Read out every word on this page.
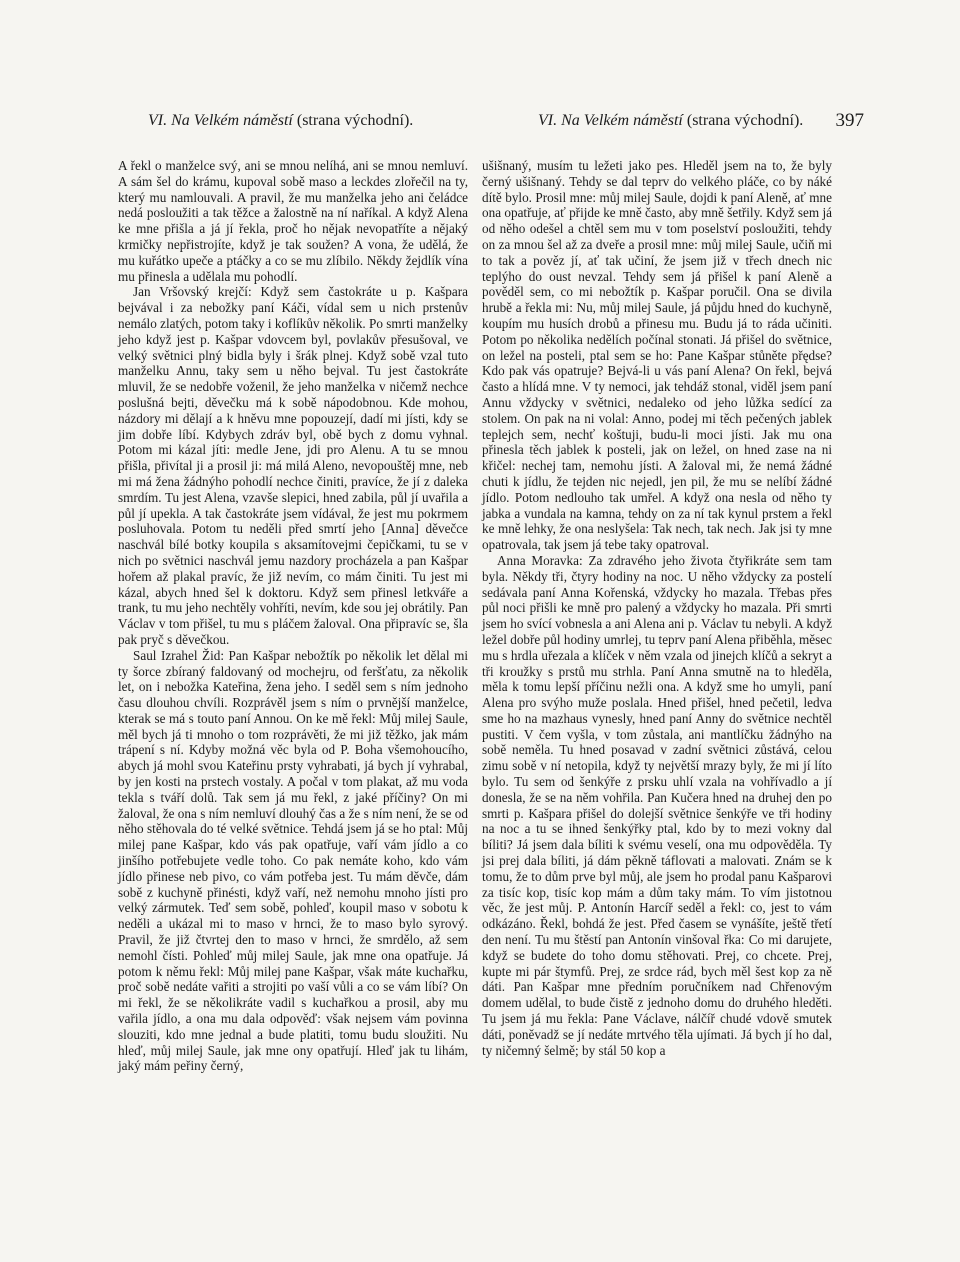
VI. Na Velkém náměstí (strana východní).	VI. Na Velkém náměstí (strana východní). 397

A řekl o manželce svý, ani se mnou nelíhá, ani se mnou nemluví. A sám šel do krámu, kupoval sobě maso a leckdes zlořečil na ty, který mu namlouvali. A pravil, že mu manželka jeho ani čeládce nedá posloužiti a tak těžce a žalostně na ní naříkal. A když Alena ke mne přišla a já jí řekla, proč ho nějak nevopatříte a nějaký krmičky nepřistrojíte, když je tak soužen? A vona, že udělá, že mu kuřátko upeče a ptáčky a co se mu zlíbilo. Někdy žejdlík vína mu přinesla a udělala mu pohodlí.

Jan Vršovský krejčí: Když sem častokráte u p. Kašpara bejvával i za nebožky paní Káči, vídal sem u nich prstenův nemálo zlatých, potom taky i koflíkův několik. Po smrti manželky jeho když jest p. Kašpar vdovcem byl, povlakův přesušoval, ve velký světnici plný bidla byly i šrák plnej. Když sobě vzal tuto manželku Annu, taky sem u něho bejval. Tu jest častokráte mluvil, že se nedobře voženil, že jeho manželka v ničemž nechce poslušná bejti, děvečku má k sobě nápodobnou. Kde mohou, názdory mi dělají a k hněvu mne popouzejí, dadí mi jísti, kdy se jim dobře líbí. Kdybych zdráv byl, obě bych z domu vyhnal. Potom mi kázal jíti: medle Jene, jdi pro Alenu. A tu se mnou přišla, přivítal ji a prosil ji: má milá Aleno, nevopouštěj mne, neb mi má žena žádnýho pohodlí nechce činiti, pravíce, že jí z daleka smrdím. Tu jest Alena, vzavše slepici, hned zabila, půl jí uvařila a půl jí upekla. A tak častokráte jsem vídával, že jest mu pokrmem posluhovala. Potom tu neděli před smrtí jeho [Anna] děvečce naschvál bílé botky koupila s aksamítovejmi čepičkami, tu se v nich po světnici naschvál jemu nazdory procházela a pan Kašpar hořem až plakal pravíc, že již nevím, co mám činiti. Tu jest mi kázal, abych hned šel k doktoru. Když sem přinesl letkváře a trank, tu mu jeho nechtěly vohříti, nevím, kde sou jej obrátily. Pan Václav v tom přišel, tu mu s pláčem žaloval. Ona připravíc se, šla pak pryč s děvečkou.

Saul Izrahel Žid: Pan Kašpar nebožtík po několik let dělal mi ty šorce zbíraný faldovaný od mochejru, od feršťatu, za několik let, on i nebožka Kateřina, žena jeho. I seděl sem s ním jednoho času dlouhou chvíli. Rozprávěl jsem s ním o prvnější manželce, kterak se má s touto paní Annou. On ke mě řekl: Můj milej Saule, měl bych já ti mnoho o tom rozprávěti, že mi již těžko, jak mám trápení s ní. Kdyby možná věc byla od P. Boha všemohoucího, abych já mohl svou Kateřinu prsty vyhrabati, já bych jí vyhrabal, by jen kosti na prstech vostaly. A počal v tom plakat, až mu voda tekla s tváří dolů. Tak sem já mu řekl, z jaké příčiny? On mi žaloval, že ona s ním nemluví dlouhý čas a že s ním není, že se od něho stěhovala do té velké světnice. Tehdá jsem já se ho ptal: Můj milej pane Kašpar, kdo vás pak opatřuje, vaří vám jídlo a co jinšího potřebujete vedle toho. Co pak nemáte koho, kdo vám jídlo přinese neb pivo, co vám potřeba jest. Tu mám děvče, dám sobě z kuchyně přinésti, když vaří, než nemohu mnoho jísti pro velký zármutek. Teď sem sobě, pohleď, koupil maso v sobotu k neděli a ukázal mi to maso v hrnci, že to maso bylo syrový. Pravil, že již čtvrtej den to maso v hrnci, že smrdělo, až sem nemohl čísti. Pohleď můj milej Saule, jak mne ona opatřuje. Já potom k němu řekl: Můj milej pane Kašpar, však máte kuchařku, proč sobě nedáte vařiti a strojiti po vaší vůli a co se vám líbí? On mi řekl, že se několikráte vadil s kuchařkou a prosil, aby mu vařila jídlo, a ona mu dala odpověď: však nejsem vám povinna slouziti, kdo mne jednal a bude platiti, tomu budu sloužiti. Nu hleď, můj milej Saule, jak mne ony opatřují. Hleď jak tu lihám, jaký mám peřiny černý,

ušišnaný, musím tu ležeti jako pes. Hleděl jsem na to, že byly černý ušišnaný. Tehdy se dal teprv do velkého pláče, co by náké dítě bylo. Prosil mne: můj milej Saule, dojdi k paní Aleně, ať mne ona opatřuje, ať přijde ke mně často, aby mně šetřily. Když sem já od něho odešel a chtěl sem mu v tom poselství posloužiti, tehdy on za mnou šel až za dveře a prosil mne: můj milej Saule, učiň mi to tak a pověz jí, ať tak učiní, že jsem již v třech dnech nic teplýho do oust nevzal. Tehdy sem já přišel k paní Aleně a pověděl sem, co mi nebožtík p. Kašpar poručil. Ona se divila hrubě a řekla mi: Nu, můj milej Saule, já půjdu hned do kuchyně, koupím mu husích drobů a přinesu mu. Budu já to ráda učiniti. Potom po několika nedělích počínal stonati. Já přišel do světnice, on ležel na posteli, ptal sem se ho: Pane Kašpar stůněte přędse? Kdo pak vás opatruje? Bejvá-li u vás paní Alena? On řekl, bejvá často a hlídá mne. V ty nemoci, jak tehdáž stonal, viděl jsem paní Annu vždycky v světnici, nedaleko od jeho lůžka sedící za stolem. On pak na ni volal: Anno, podej mi těch pečených jablek teplejch sem, nechť koštuji, budu-li moci jísti. Jak mu ona přinesla těch jablek k posteli, jak on ležel, on hned zase na ni křičel: nechej tam, nemohu jísti. A žaloval mi, že nemá žádné chuti k jídlu, že tejden nic nejedl, jen pil, že mu se nelíbí žádné jídlo. Potom nedlouho tak umřel. A když ona nesla od něho ty jabka a vundala na kamna, tehdy on za ní tak kynul prstem a řekl ke mně lehky, že ona neslyšela: Tak nech, tak nech. Jak jsi ty mne opatrovala, tak jsem já tebe taky opatroval.

Anna Moravka: Za zdravého jeho života čtyřikráte sem tam byla. Někdy tři, čtyry hodiny na noc. U něho vždycky za postelí sedávala paní Anna Kořenská, vždycky ho mazala. Třebas přes půl noci přišli ke mně pro palený a vždycky ho mazala. Při smrti jsem ho svící vobnesla a ani Alena ani p. Václav tu nebyli. A když ležel dobře půl hodiny umrlej, tu teprv paní Alena přiběhla, měsec mu s hrdla uřezala a klíček v něm vzala od jinejch klíčů a sekryt a tři kroužky s prstů mu strhla. Paní Anna smutně na to hleděla, měla k tomu lepší příčinu nežli ona. A když sme ho umyli, paní Alena pro svýho muže poslala. Hned přišel, hned pečetil, ledva sme ho na mazhaus vynesly, hned paní Anny do světnice nechtěl pustiti. V čem vyšla, v tom zůstala, ani mantlíčku žádnýho na sobě neměla. Tu hned posavad v zadní světnici zůstává, celou zimu sobě v ní netopila, když ty největší mrazy byly, že mi jí líto bylo. Tu sem od šenkýře z prsku uhlí vzala na vohřívadlo a jí donesla, že se na něm vohřila. Pan Kučera hned na druhej den po smrti p. Kašpara přišel do dolejší světnice šenkýře ve tři hodiny na noc a tu se ihned šenkýřky ptal, kdo by to mezi vokny dal bíliti? Já jsem dala bíliti k svému veselí, ona mu odpověděla. Ty jsi prej dala bíliti, já dám pěkně táflovati a malovati. Znám se k tomu, že to dům prve byl můj, ale jsem ho prodal panu Kašparovi za tisíc kop, tisíc kop mám a dům taky mám. To vím jistotnou věc, že jest můj. P. Antonín Harcíř seděl a řekl: co, jest to vám odkázáno. Řekl, bohdá že jest. Před časem se vynášíte, ještě třetí den není. Tu mu štěstí pan Antonín vinšoval řka: Co mi darujete, když se budete do toho domu stěhovati. Prej, co chcete. Prej, kupte mi pár štymfů. Prej, ze srdce rád, bych měl šest kop za ně dáti. Pan Kašpar mne předním poručníkem nad Chřenovým domem udělal, to bude čistě z jednoho domu do druhého hleděti. Tu jsem já mu řekla: Pane Václave, nálčíř chudé vdově smutek dáti, poněvadž se jí nedáte mrtvého těla ujímati. Já bych jí ho dal, ty ničemný šelmě; by stál 50 kop a
